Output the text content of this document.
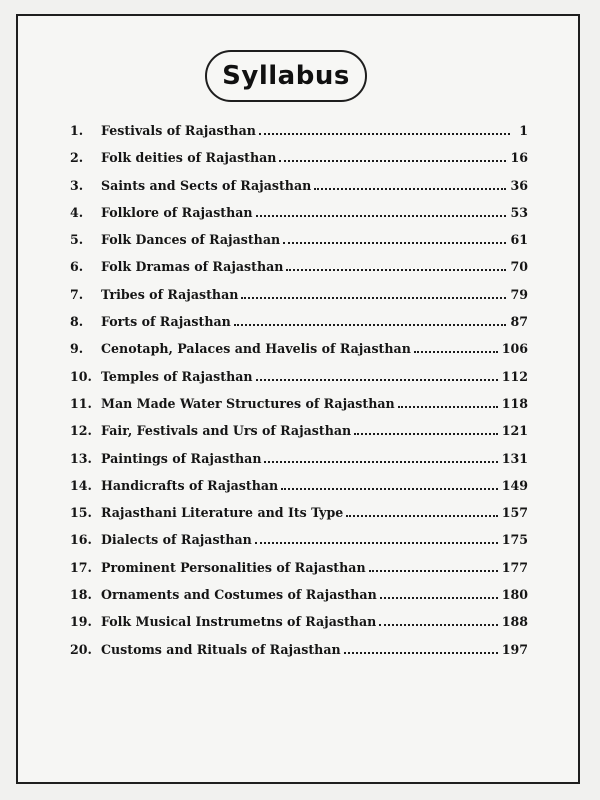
Syllabus
1.	Festivals of Rajasthan	1
2.	Folk deities of Rajasthan	16
3.	Saints and Sects of Rajasthan	36
4.	Folklore of Rajasthan	53
5.	Folk Dances of Rajasthan	61
6.	Folk Dramas of Rajasthan	70
7.	Tribes of Rajasthan	79
8.	Forts of Rajasthan	87
9.	Cenotaph, Palaces and Havelis of Rajasthan	106
10. Temples of Rajasthan	112
11. Man Made Water Structures of Rajasthan	118
12. Fair, Festivals and Urs of Rajasthan	121
13. Paintings of Rajasthan	131
14. Handicrafts of Rajasthan	149
15. Rajasthani Literature and Its Type	157
16. Dialects of Rajasthan	175
17. Prominent Personalities of Rajasthan	177
18. Ornaments and Costumes of Rajasthan	180
19. Folk Musical Instrumetns of Rajasthan	188
20. Customs and Rituals of Rajasthan	197
